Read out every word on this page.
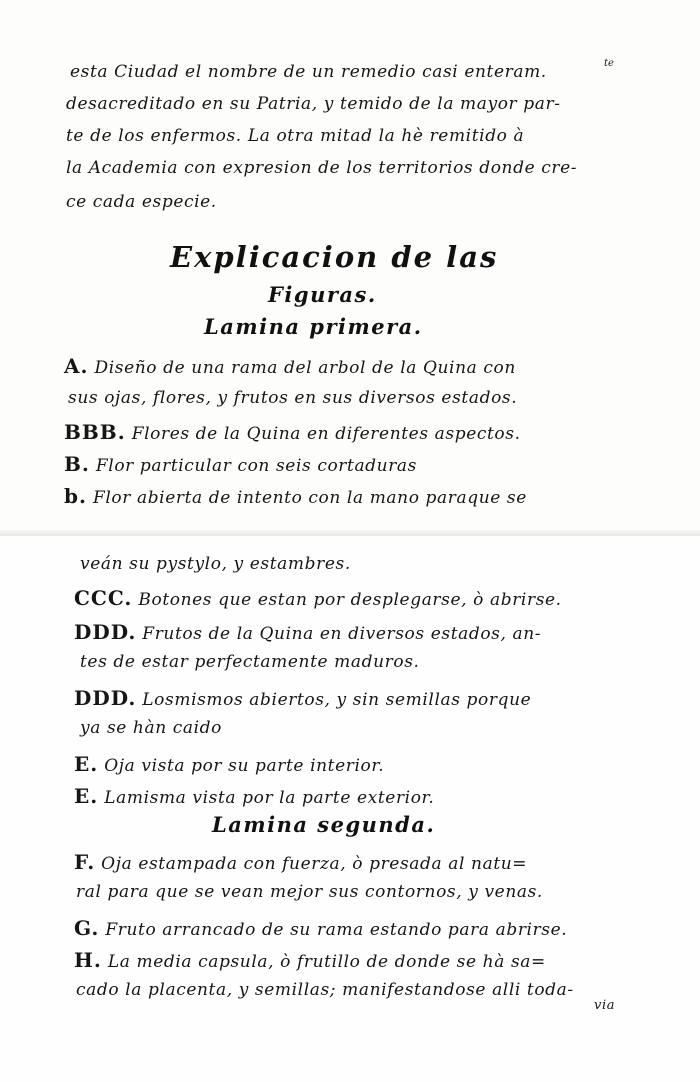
te
esta Ciudad el nombre de un remedio casi enteram.
desacreditado en su Patria, y temido de la mayor par-
te de los enfermos. La otra mitad la hè remitido à
la Academia con expresion de los territorios donde cre-
ce cada especie.
Explicacion de las
Figuras.
Lamina primera.
A. Diseño de una rama del arbol de la Quina con
sus ojas, flores, y frutos en sus diversos estados.
BBB. Flores de la Quina en diferentes aspectos.
B. Flor particular con seis cortaduras
b. Flor abierta de intento con la mano paraque se
veán su pystylo, y estambres.
CCC. Botones que estan por desplegarse, ò abrirse.
DDD. Frutos de la Quina en diversos estados, an-
tes de estar perfectamente maduros.
DDD. Losmismos abiertos, y sin semillas porque
ya se hàn caido
E. Oja vista por su parte interior.
E. Lamisma vista por la parte exterior.
Lamina segunda.
F. Oja estampada con fuerza, ò presada al natu=
ral para que se vean mejor sus contornos, y venas.
G. Fruto arrancado de su rama estando para abrirse.
H. La media capsula, ò frutillo de donde se hà sa=
cado la placenta, y semillas; manifestandose alli toda-
via
